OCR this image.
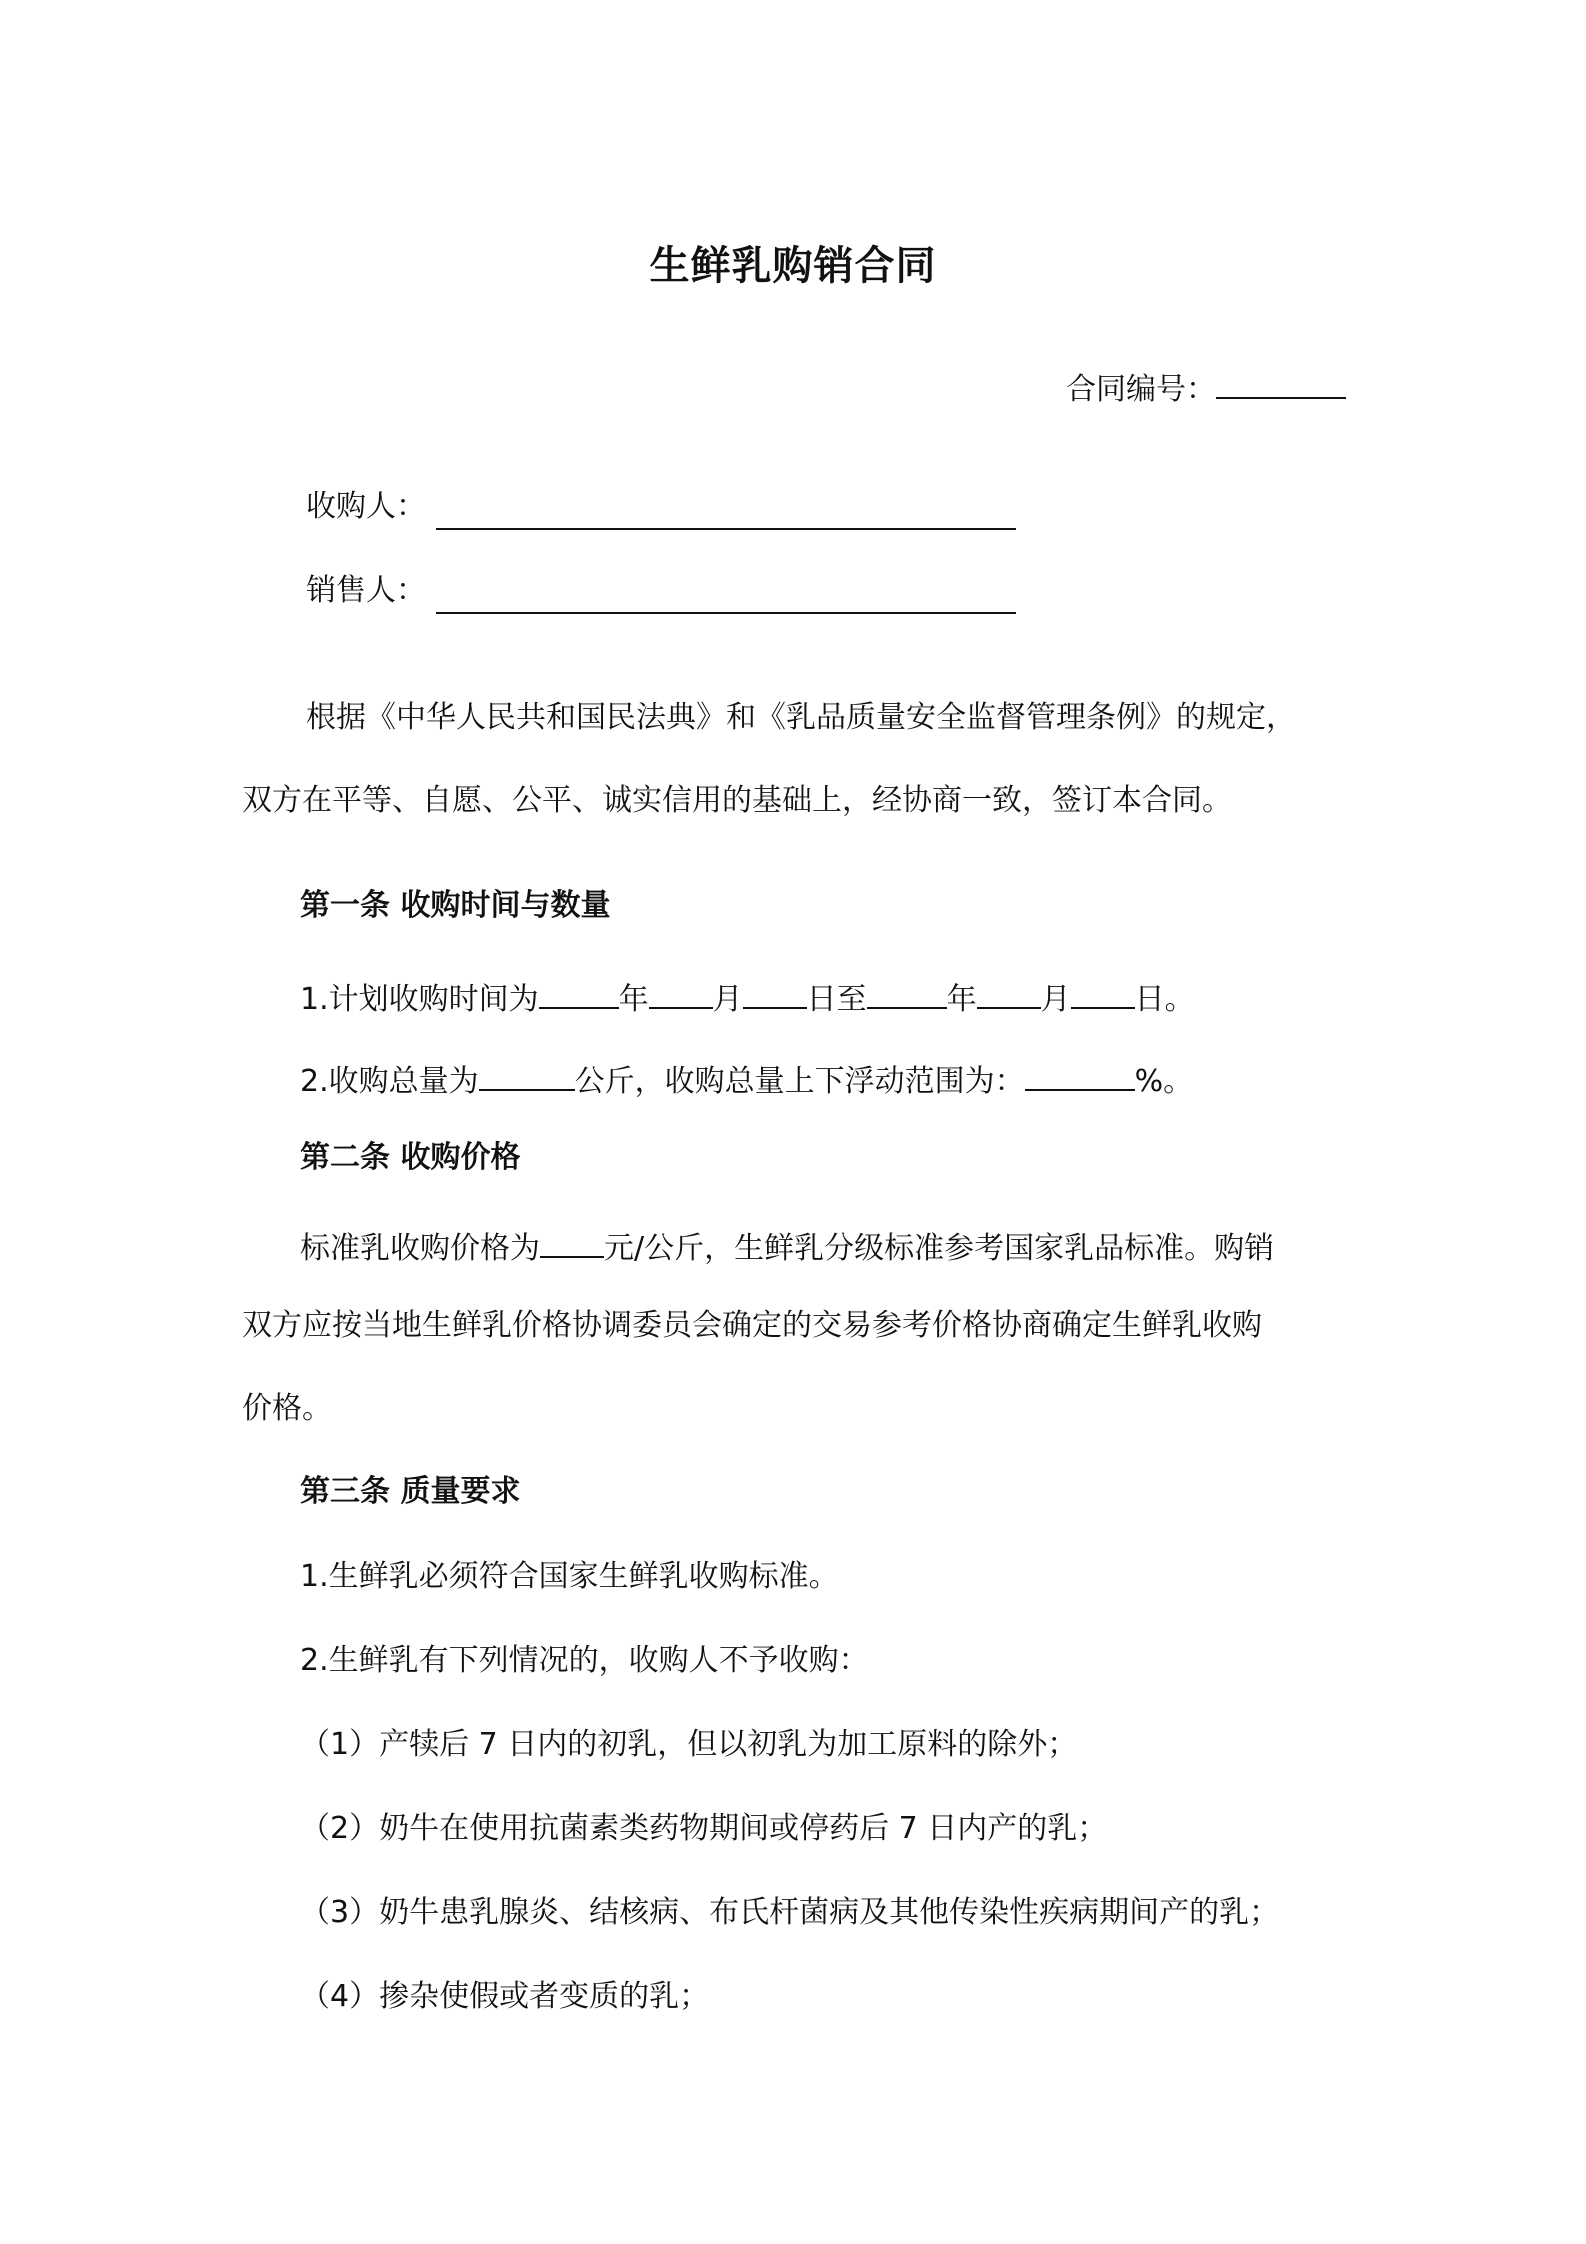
生鲜乳购销合同
合同编号：
收购人：
销售人：
根据《中华人民共和国民法典》和《乳品质量安全监督管理条例》的规定，
双方在平等、自愿、公平、诚实信用的基础上，经协商一致，签订本合同。
第一条 收购时间与数量
1.计划收购时间为	年 月 日至	年 月 日。
2.收购总量为	公斤，收购总量上下浮动范围为：	%。
第二条 收购价格
标准乳收购价格为 元/公斤，生鲜乳分级标准参考国家乳品标准。购销
双方应按当地生鲜乳价格协调委员会确定的交易参考价格协商确定生鲜乳收购
价格。
第三条 质量要求
1.生鲜乳必须符合国家生鲜乳收购标准。
2.生鲜乳有下列情况的，收购人不予收购：
（1）产犊后 7 日内的初乳，但以初乳为加工原料的除外；
（2）奶牛在使用抗菌素类药物期间或停药后 7 日内产的乳；
（3）奶牛患乳腺炎、结核病、布氏杆菌病及其他传染性疾病期间产的乳；
（4）掺杂使假或者变质的乳；
